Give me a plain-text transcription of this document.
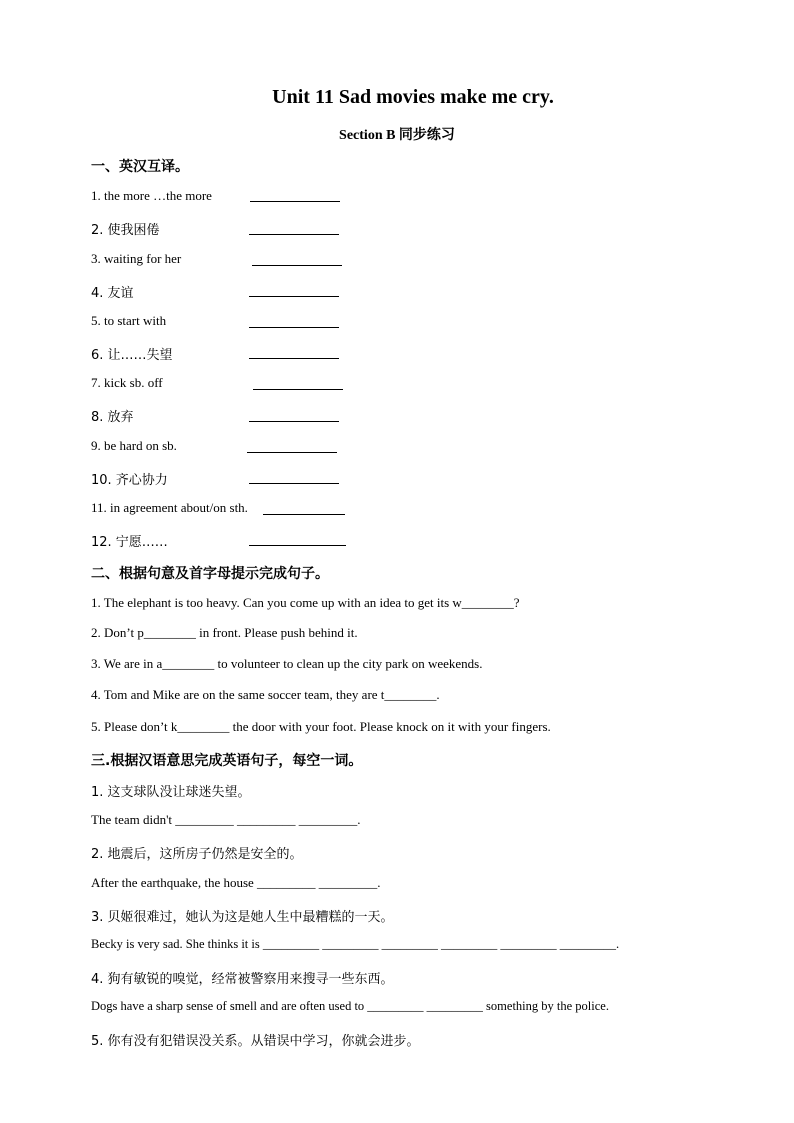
Unit 11 Sad movies make me cry.
Section B 同步练习
一、英汉互译。
1. the more …the more
2. 使我困倦
3. waiting for her
4. 友谊
5. to start with
6. 让……失望
7. kick sb. off
8. 放弃
9. be hard on sb.
10. 齐心协力
11. in agreement about/on sth.
12. 宁愿……
二、根据句意及首字母提示完成句子。
1. The elephant is too heavy. Can you come up with an idea to get its w________?
2. Don’t p________ in front. Please push behind it.
3. We are in a________ to volunteer to clean up the city park on weekends.
4. Tom and Mike are on the same soccer team, they are t________.
5. Please don’t k________ the door with your foot. Please knock on it with your fingers.
三.根据汉语意思完成英语句子，每空一词。
1. 这支球队没让球迷失望。
The team didn't _________ _________ _________.
2. 地震后，这所房子仍然是安全的。
After the earthquake, the house _________ _________.
3. 贝姬很难过，她认为这是她人生中最糟糕的一天。
Becky is very sad. She thinks it is _________ _________ _________ _________ _________ _________.
4. 狗有敏锐的嗅觉，经常被警察用来搜寻一些东西。
Dogs have a sharp sense of smell and are often used to _________ _________ something by the police.
5. 你有没有犯错误没关系。从错误中学习，你就会进步。
